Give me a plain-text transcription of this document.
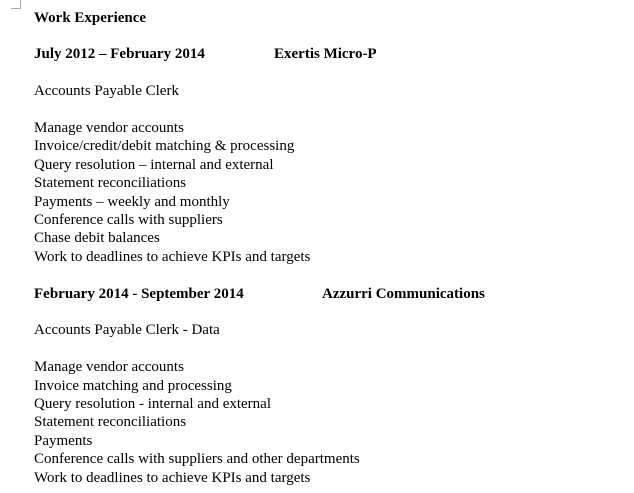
Work Experience
July 2012 – February 2014	Exertis Micro-P
Accounts Payable Clerk
Manage vendor accounts
Invoice/credit/debit matching & processing
Query resolution – internal and external
Statement reconciliations
Payments – weekly and monthly
Conference calls with suppliers
Chase debit balances
Work to deadlines to achieve KPIs and targets
February 2014 - September 2014	Azzurri Communications
Accounts Payable Clerk - Data
Manage vendor accounts
Invoice matching and processing
Query resolution - internal and external
Statement reconciliations
Payments
Conference calls with suppliers and other departments
Work to deadlines to achieve KPIs and targets
